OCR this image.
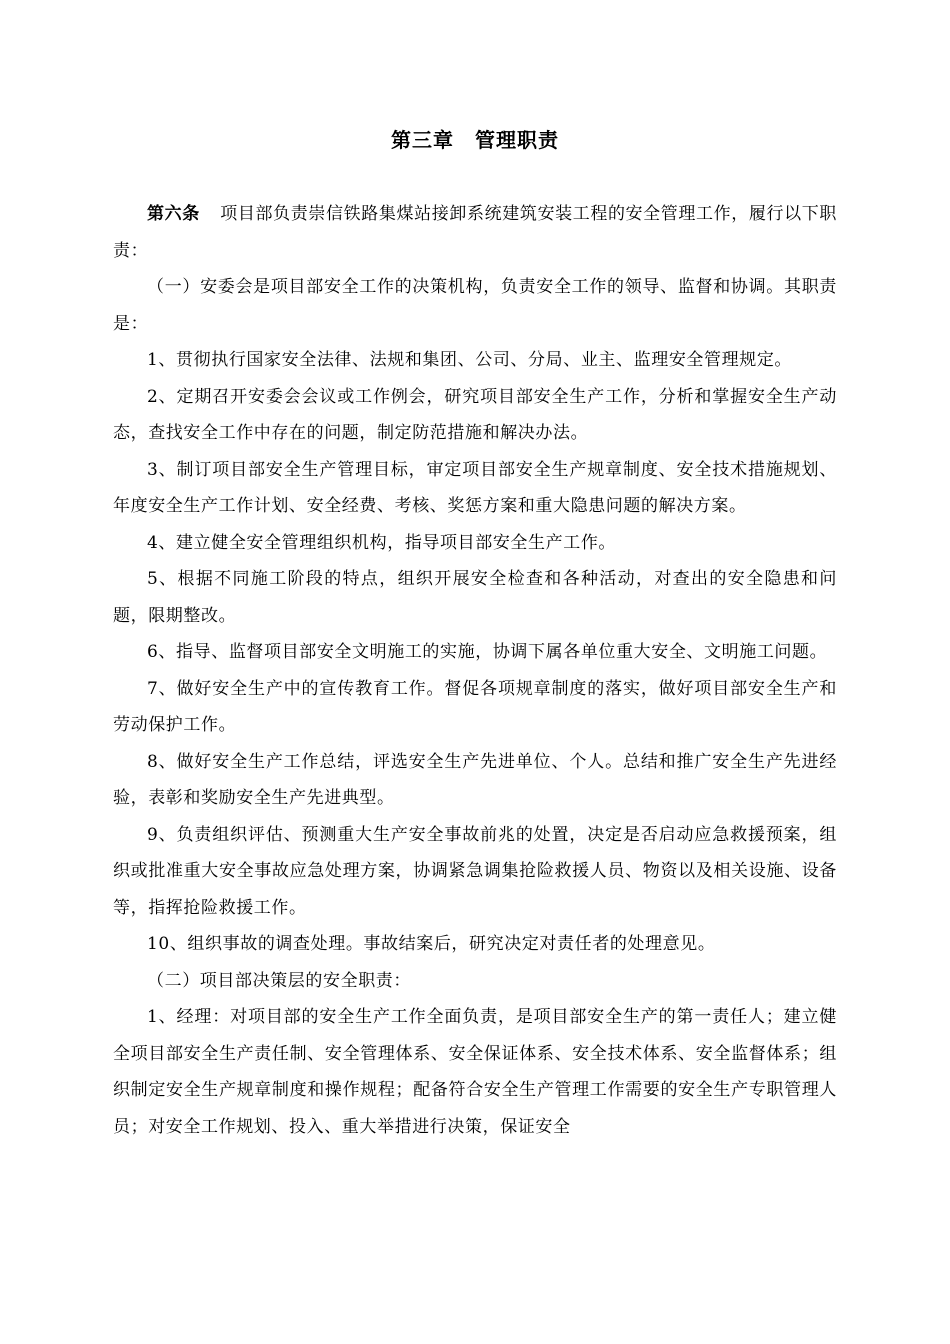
第三章　管理职责

第六条 项目部负责崇信铁路集煤站接卸系统建筑安装工程的安全管理工作，履行以下职责：

（一）安委会是项目部安全工作的决策机构，负责安全工作的领导、监督和协调。其职责是：

1、贯彻执行国家安全法律、法规和集团、公司、分局、业主、监理安全管理规定。

2、定期召开安委会会议或工作例会，研究项目部安全生产工作，分析和掌握安全生产动态，查找安全工作中存在的问题，制定防范措施和解决办法。

3、制订项目部安全生产管理目标，审定项目部安全生产规章制度、安全技术措施规划、年度安全生产工作计划、安全经费、考核、奖惩方案和重大隐患问题的解决方案。

4、建立健全安全管理组织机构，指导项目部安全生产工作。

5、根据不同施工阶段的特点，组织开展安全检查和各种活动，对查出的安全隐患和问题，限期整改。

6、指导、监督项目部安全文明施工的实施，协调下属各单位重大安全、文明施工问题。

7、做好安全生产中的宣传教育工作。督促各项规章制度的落实，做好项目部安全生产和劳动保护工作。

8、做好安全生产工作总结，评选安全生产先进单位、个人。总结和推广安全生产先进经验，表彰和奖励安全生产先进典型。

9、负责组织评估、预测重大生产安全事故前兆的处置，决定是否启动应急救援预案，组织或批准重大安全事故应急处理方案，协调紧急调集抢险救援人员、物资以及相关设施、设备等，指挥抢险救援工作。

10、组织事故的调查处理。事故结案后，研究决定对责任者的处理意见。

（二）项目部决策层的安全职责：

1、经理：对项目部的安全生产工作全面负责，是项目部安全生产的第一责任人；建立健全项目部安全生产责任制、安全管理体系、安全保证体系、安全技术体系、安全监督体系；组织制定安全生产规章制度和操作规程；配备符合安全生产管理工作需要的安全生产专职管理人员；对安全工作规划、投入、重大举措进行决策，保证安全
